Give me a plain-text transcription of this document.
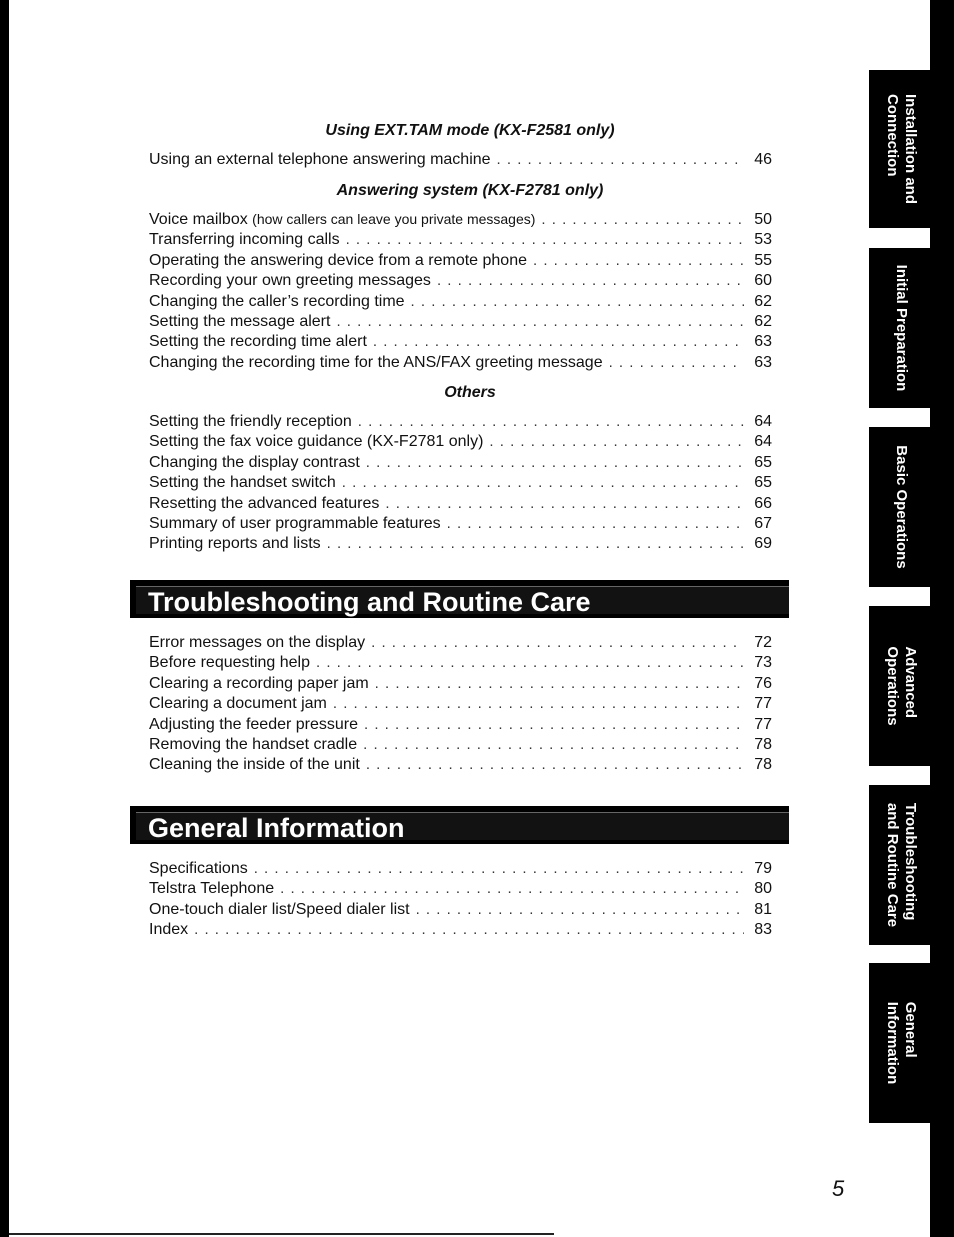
Using EXT.TAM mode (KX-F2581 only)
Using an external telephone answering machine . . .	46
Answering system (KX-F2781 only)
Voice mailbox (how callers can leave you private messages) . . .	50
Transferring incoming calls . . .	53
Operating the answering device from a remote phone . . .	55
Recording your own greeting messages . . .	60
Changing the caller’s recording time . . .	62
Setting the message alert . . .	62
Setting the recording time alert . . .	63
Changing the recording time for the ANS/FAX greeting message . . .	63
Others
Setting the friendly reception . . .	64
Setting the fax voice guidance (KX-F2781 only) . . .	64
Changing the display contrast . . .	65
Setting the handset switch . . .	65
Resetting the advanced features . . .	66
Summary of user programmable features . . .	67
Printing reports and lists . . .	69
Troubleshooting and Routine Care
Error messages on the display . . .	72
Before requesting help . . .	73
Clearing a recording paper jam . . .	76
Clearing a document jam . . .	77
Adjusting the feeder pressure . . .	77
Removing the handset cradle . . .	78
Cleaning the inside of the unit . . .	78
General Information
Specifications . . .	79
Telstra Telephone . . .	80
One-touch dialer list/Speed dialer list . . .	81
Index . . .	83
Installation and
Connection
Initial Preparation
Basic Operations
Advanced
Operations
Troubleshooting
and Routine Care
General
Information
5
